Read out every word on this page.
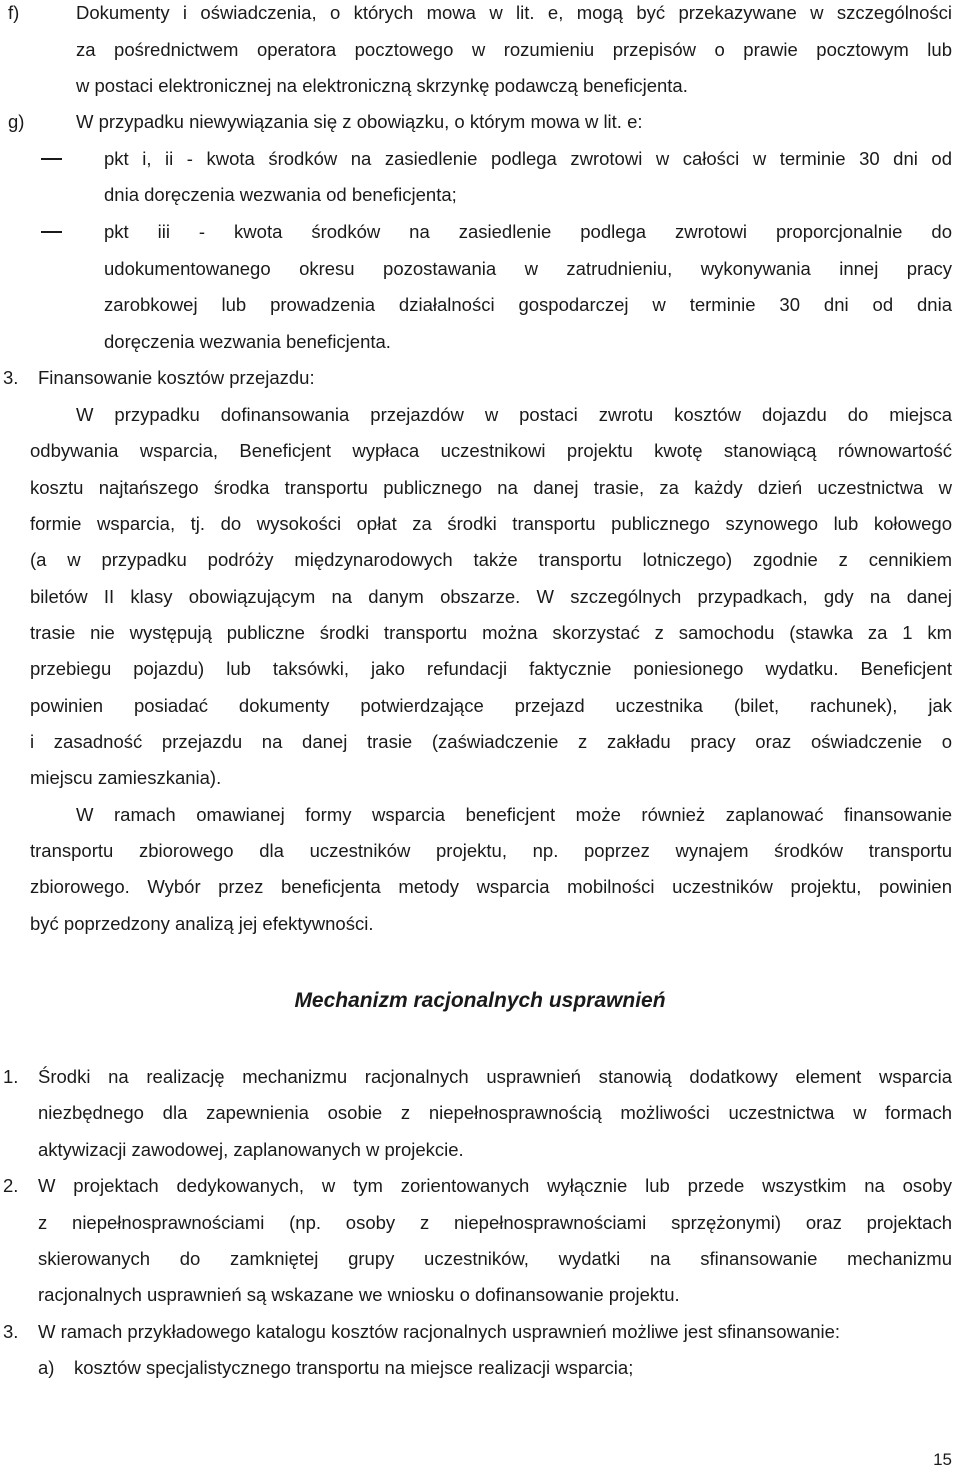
f)	Dokumenty i oświadczenia, o których mowa w lit. e, mogą być przekazywane w szczególności
za pośrednictwem operatora pocztowego w rozumieniu przepisów o prawie pocztowym lub
w postaci elektronicznej na elektroniczną skrzynkę podawczą beneficjenta.
g)	W przypadku niewywiązania się z obowiązku, o którym mowa w lit. e:
pkt i, ii - kwota środków na zasiedlenie podlega zwrotowi w całości w terminie 30 dni od
dnia doręczenia wezwania od beneficjenta;
pkt iii - kwota środków na zasiedlenie podlega zwrotowi proporcjonalnie do
udokumentowanego okresu pozostawania w zatrudnieniu, wykonywania innej pracy
zarobkowej lub prowadzenia działalności gospodarczej w terminie 30 dni od dnia
doręczenia wezwania beneficjenta.
3. Finansowanie kosztów przejazdu:
W przypadku dofinansowania przejazdów w postaci zwrotu kosztów dojazdu do miejsca
odbywania wsparcia, Beneficjent wypłaca uczestnikowi projektu kwotę stanowiącą równowartość
kosztu najtańszego środka transportu publicznego na danej trasie, za każdy dzień uczestnictwa w
formie wsparcia, tj. do wysokości opłat za środki transportu publicznego szynowego lub kołowego
(a w przypadku podróży międzynarodowych także transportu lotniczego) zgodnie z cennikiem
biletów II klasy obowiązującym na danym obszarze. W szczególnych przypadkach, gdy na danej
trasie nie występują publiczne środki transportu można skorzystać z samochodu (stawka za 1 km
przebiegu pojazdu) lub taksówki, jako refundacji faktycznie poniesionego wydatku. Beneficjent
powinien posiadać dokumenty potwierdzające przejazd uczestnika (bilet, rachunek), jak
i zasadność przejazdu na danej trasie (zaświadczenie z zakładu pracy oraz oświadczenie o
miejscu zamieszkania).
W ramach omawianej formy wsparcia beneficjent może również zaplanować finansowanie
transportu zbiorowego dla uczestników projektu, np. poprzez wynajem środków transportu
zbiorowego. Wybór przez beneficjenta metody wsparcia mobilności uczestników projektu, powinien
być poprzedzony analizą jej efektywności.
Mechanizm racjonalnych usprawnień
1. Środki na realizację mechanizmu racjonalnych usprawnień stanowią dodatkowy element wsparcia
niezbędnego dla zapewnienia osobie z niepełnosprawnością możliwości uczestnictwa w formach
aktywizacji zawodowej, zaplanowanych w projekcie.
2. W projektach dedykowanych, w tym zorientowanych wyłącznie lub przede wszystkim na osoby
z niepełnosprawnościami (np. osoby z niepełnosprawnościami sprzężonymi) oraz projektach
skierowanych do zamkniętej grupy uczestników, wydatki na sfinansowanie mechanizmu
racjonalnych usprawnień są wskazane we wniosku o dofinansowanie projektu.
3. W ramach przykładowego katalogu kosztów racjonalnych usprawnień możliwe jest sfinansowanie:
a) kosztów specjalistycznego transportu na miejsce realizacji wsparcia;
15
